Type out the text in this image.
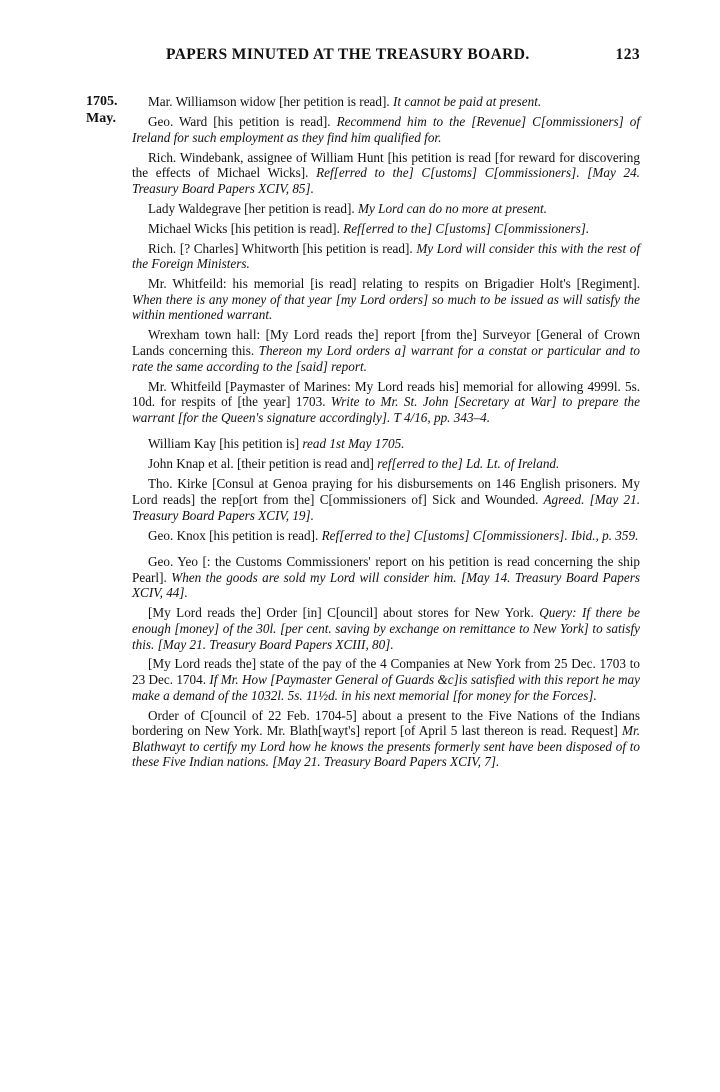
PAPERS MINUTED AT THE TREASURY BOARD.	123
1705.
May.

Mar. Williamson widow [her petition is read]. It cannot be paid at present.

Geo. Ward [his petition is read]. Recommend him to the [Revenue] C[ommissioners] of Ireland for such employment as they find him qualified for.

Rich. Windebank, assignee of William Hunt [his petition is read [for reward for discovering the effects of Michael Wicks]. Ref[erred to the] C[ustoms] C[ommissioners]. [May 24. Treasury Board Papers XCIV, 85].

Lady Waldegrave [her petition is read]. My Lord can do no more at present.

Michael Wicks [his petition is read]. Ref[erred to the] C[ustoms] C[ommissioners].

Rich. [? Charles] Whitworth [his petition is read]. My Lord will consider this with the rest of the Foreign Ministers.

Mr. Whitfeild: his memorial [is read] relating to respits on Brigadier Holt's [Regiment]. When there is any money of that year [my Lord orders] so much to be issued as will satisfy the within mentioned warrant.

Wrexham town hall: [My Lord reads the] report [from the] Surveyor [General of Crown Lands concerning this. Thereon my Lord orders a] warrant for a constat or particular and to rate the same according to the [said] report.

Mr. Whitfeild [Paymaster of Marines: My Lord reads his] memorial for allowing 4999l. 5s. 10d. for respits of [the year] 1703. Write to Mr. St. John [Secretary at War] to prepare the warrant [for the Queen's signature accordingly]. T 4/16, pp. 343–4.

William Kay [his petition is] read 1st May 1705.

John Knap et al. [their petition is read and] ref[erred to the] Ld. Lt. of Ireland.

Tho. Kirke [Consul at Genoa praying for his disbursements on 146 English prisoners. My Lord reads] the rep[ort from the] C[ommissioners of] Sick and Wounded. Agreed. [May 21. Treasury Board Papers XCIV, 19].

Geo. Knox [his petition is read]. Ref[erred to the] C[ustoms] C[ommissioners]. Ibid., p. 359.

Geo. Yeo [: the Customs Commissioners' report on his petition is read concerning the ship Pearl]. When the goods are sold my Lord will consider him. [May 14. Treasury Board Papers XCIV, 44].

[My Lord reads the] Order [in] C[ouncil] about stores for New York. Query: If there be enough [money] of the 30l. [per cent. saving by exchange on remittance to New York] to satisfy this. [May 21. Treasury Board Papers XCIII, 80].

[My Lord reads the] state of the pay of the 4 Companies at New York from 25 Dec. 1703 to 23 Dec. 1704. If Mr. How [Paymaster General of Guards &c]is satisfied with this report he may make a demand of the 1032l. 5s. 11½d. in his next memorial [for money for the Forces].

Order of C[ouncil of 22 Feb. 1704-5] about a present to the Five Nations of the Indians bordering on New York. Mr. Blath[wayt's] report [of April 5 last thereon is read. Request] Mr. Blathwayt to certify my Lord how he knows the presents formerly sent have been disposed of to these Five Indian nations. [May 21. Treasury Board Papers XCIV, 7].
